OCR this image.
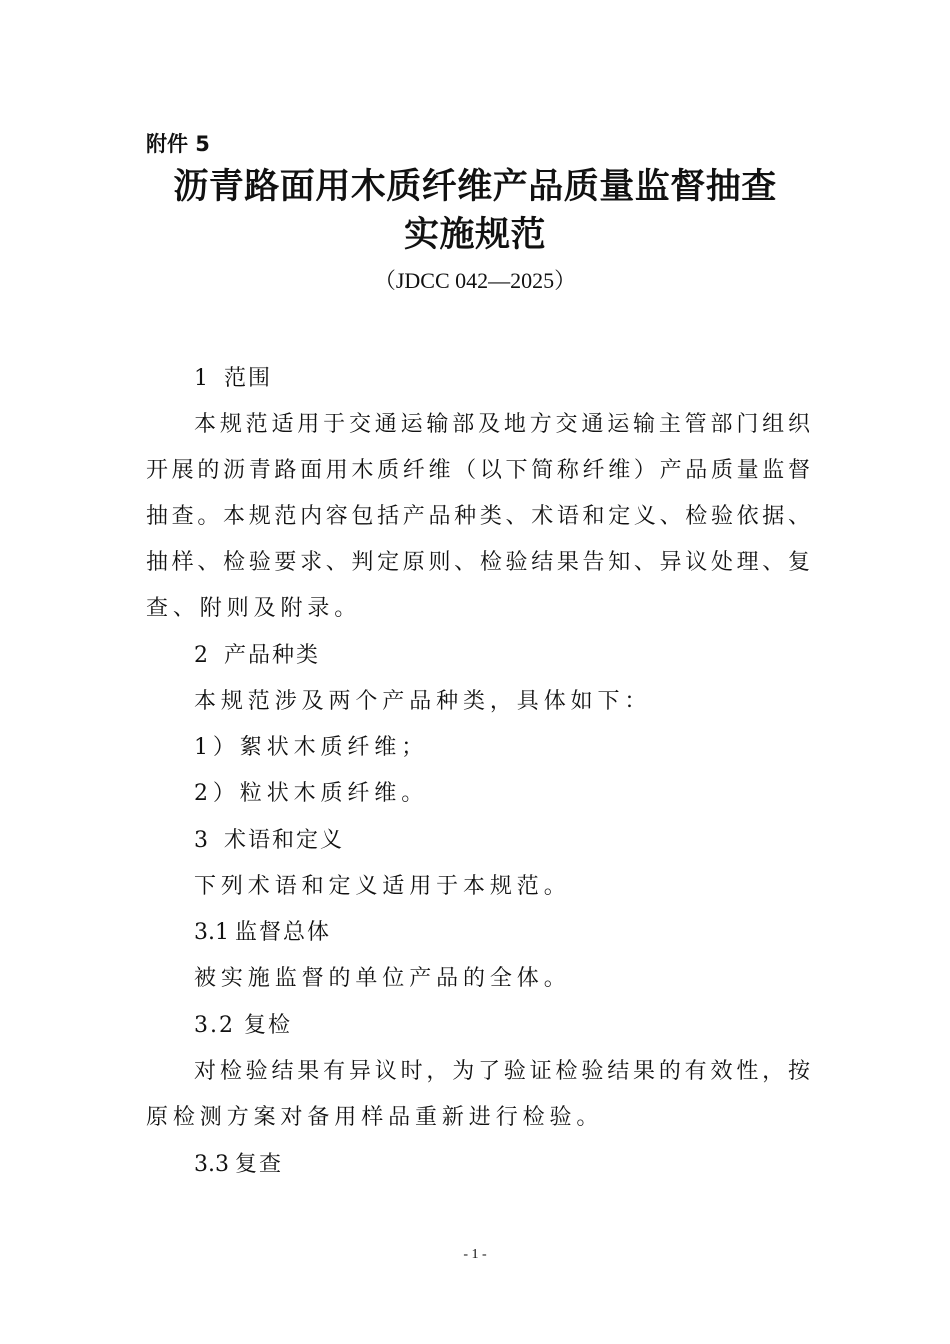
附件 5
沥青路面用木质纤维产品质量监督抽查
实施规范
（JDCC 042—2025）
1 范围
本规范适用于交通运输部及地方交通运输主管部门组织
开展的沥青路面用木质纤维（以下简称纤维）产品质量监督
抽查。本规范内容包括产品种类、术语和定义、检验依据、
抽样、检验要求、判定原则、检验结果告知、异议处理、复
查、附则及附录。
2 产品种类
本规范涉及两个产品种类，具体如下：
1）絮状木质纤维；
2）粒状木质纤维。
3 术语和定义
下列术语和定义适用于本规范。
3.1 监督总体
被实施监督的单位产品的全体。
3.2 复检
对检验结果有异议时，为了验证检验结果的有效性，按
原检测方案对备用样品重新进行检验。
3.3 复查
- 1 -
